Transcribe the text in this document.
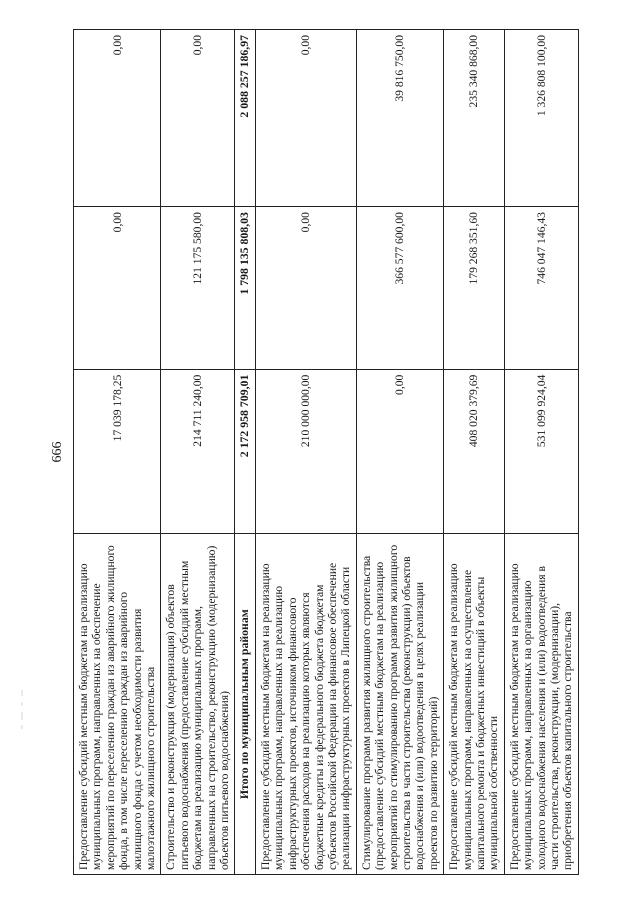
666
Предоставление субсидий местным бюджетам на реализацию муниципальных программ, направленных на обеспечение мероприятий по переселению граждан из аварийного жилищного фонда, в том числе переселению граждан из аварийного жилищного фонда с учетом необходимости развития малоэтажного жилищного строительства	17 039 178,25	0,00	0,00
Строительство и реконструкция (модернизация) объектов питьевого водоснабжения (предоставление субсидий местным бюджетам на реализацию муниципальных программ, направленных на строительство, реконструкцию (модернизацию) объектов питьевого водоснабжения)	214 711 240,00	121 175 580,00	0,00
Итого по муниципальным районам	2 172 958 709,01	1 798 135 808,03	2 088 257 186,97
Предоставление субсидий местным бюджетам на реализацию муниципальных программ, направленных на реализацию инфраструктурных проектов, источником финансового обеспечения расходов на реализацию которых являются бюджетные кредиты из федерального бюджета бюджетам субъектов Российской Федерации на финансовое обеспечение реализации инфраструктурных проектов в Липецкой области	210 000 000,00	0,00	0,00
Стимулирование программ развития жилищного строительства (предоставление субсидий местным бюджетам на реализацию мероприятий по стимулированию программ развития жилищного строительства в части строительства (реконструкции) объектов водоснабжения и (или) водоотведения в целях реализации проектов по развитию территорий)	0,00	366 577 600,00	39 816 750,00
Предоставление субсидий местным бюджетам на реализацию муниципальных программ, направленных на осуществление капитального ремонта и бюджетных инвестиций в объекты муниципальной собственности	408 020 379,69	179 268 351,60	235 340 868,00
Предоставление субсидий местным бюджетам на реализацию муниципальных программ, направленных на организацию холодного водоснабжения населения и (или) водоотведения в части строительства, реконструкции, (модернизации), приобретения объектов капитального строительства	531 099 924,04	746 047 146,43	1 326 808 100,00
